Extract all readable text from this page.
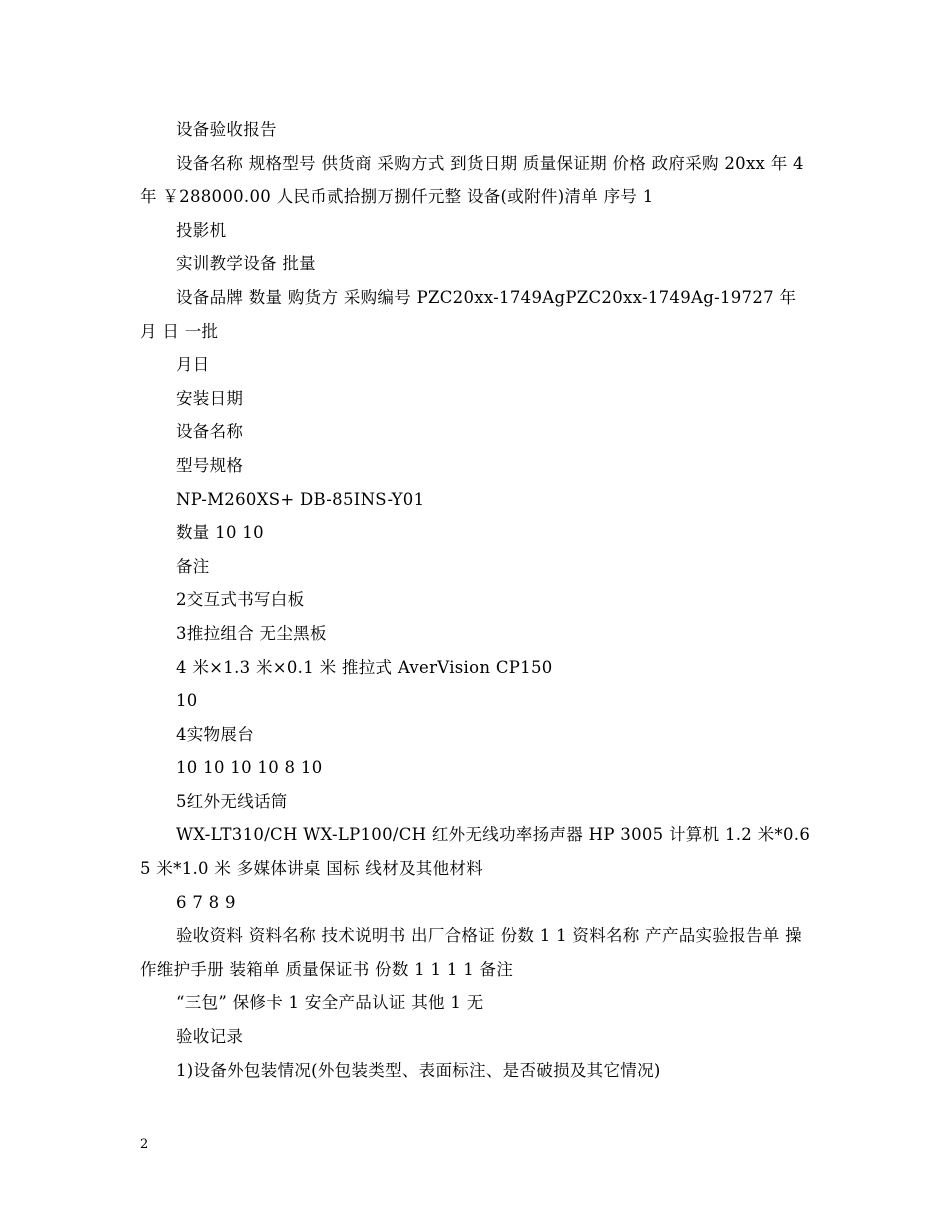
设备验收报告

设备名称 规格型号 供货商 采购方式 到货日期 质量保证期 价格 政府采购 20xx 年 4年 ￥288000.00 人民币贰拾捌万捌仟元整 设备(或附件)清单 序号 1

投影机

实训教学设备 批量

设备品牌 数量 购货方 采购编号 PZC20xx-1749AgPZC20xx-1749Ag-19727 年 月 日 一批

月日

安装日期

设备名称

型号规格

NP-M260XS+ DB-85INS-Y01

数量 10 10

备注

2交互式书写白板

3推拉组合 无尘黑板

4 米×1.3 米×0.1 米 推拉式 AverVision CP150

10

4实物展台

10 10 10 10 8 10

5红外无线话筒

WX-LT310/CH WX-LP100/CH 红外无线功率扬声器 HP 3005 计算机 1.2 米*0.65 米*1.0 米 多媒体讲桌 国标 线材及其他材料

6 7 8 9

验收资料 资料名称 技术说明书 出厂合格证 份数 1 1 资料名称 产产品实验报告单 操作维护手册 装箱单 质量保证书 份数 1 1 1 1 备注

“三包” 保修卡 1 安全产品认证 其他 1 无

验收记录

1)设备外包装情况(外包装类型、表面标注、是否破损及其它情况)

2
